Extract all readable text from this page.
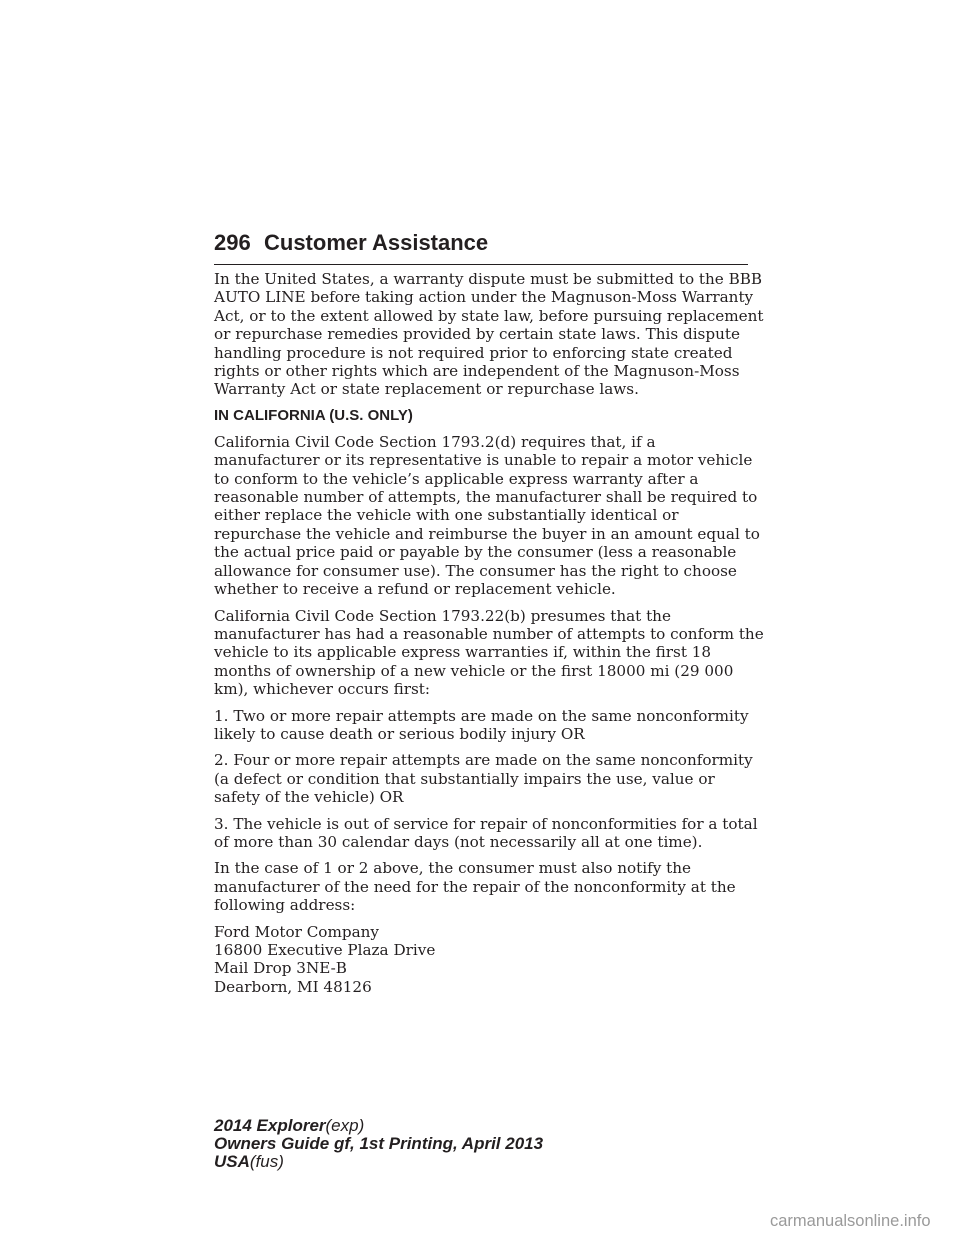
296 Customer Assistance

In the United States, a warranty dispute must be submitted to the BBB AUTO LINE before taking action under the Magnuson-Moss Warranty Act, or to the extent allowed by state law, before pursuing replacement or repurchase remedies provided by certain state laws. This dispute handling procedure is not required prior to enforcing state created rights or other rights which are independent of the Magnuson-Moss Warranty Act or state replacement or repurchase laws.

IN CALIFORNIA (U.S. ONLY)

California Civil Code Section 1793.2(d) requires that, if a manufacturer or its representative is unable to repair a motor vehicle to conform to the vehicle’s applicable express warranty after a reasonable number of attempts, the manufacturer shall be required to either replace the vehicle with one substantially identical or repurchase the vehicle and reimburse the buyer in an amount equal to the actual price paid or payable by the consumer (less a reasonable allowance for consumer use). The consumer has the right to choose whether to receive a refund or replacement vehicle.

California Civil Code Section 1793.22(b) presumes that the manufacturer has had a reasonable number of attempts to conform the vehicle to its applicable express warranties if, within the first 18 months of ownership of a new vehicle or the first 18000 mi (29 000 km), whichever occurs first:

1. Two or more repair attempts are made on the same nonconformity likely to cause death or serious bodily injury OR

2. Four or more repair attempts are made on the same nonconformity (a defect or condition that substantially impairs the use, value or safety of the vehicle) OR

3. The vehicle is out of service for repair of nonconformities for a total of more than 30 calendar days (not necessarily all at one time).

In the case of 1 or 2 above, the consumer must also notify the manufacturer of the need for the repair of the nonconformity at the following address:

Ford Motor Company
16800 Executive Plaza Drive
Mail Drop 3NE-B
Dearborn, MI 48126

2014 Explorer(exp)
Owners Guide gf, 1st Printing, April 2013
USA(fus)
carmanualsonline.info
